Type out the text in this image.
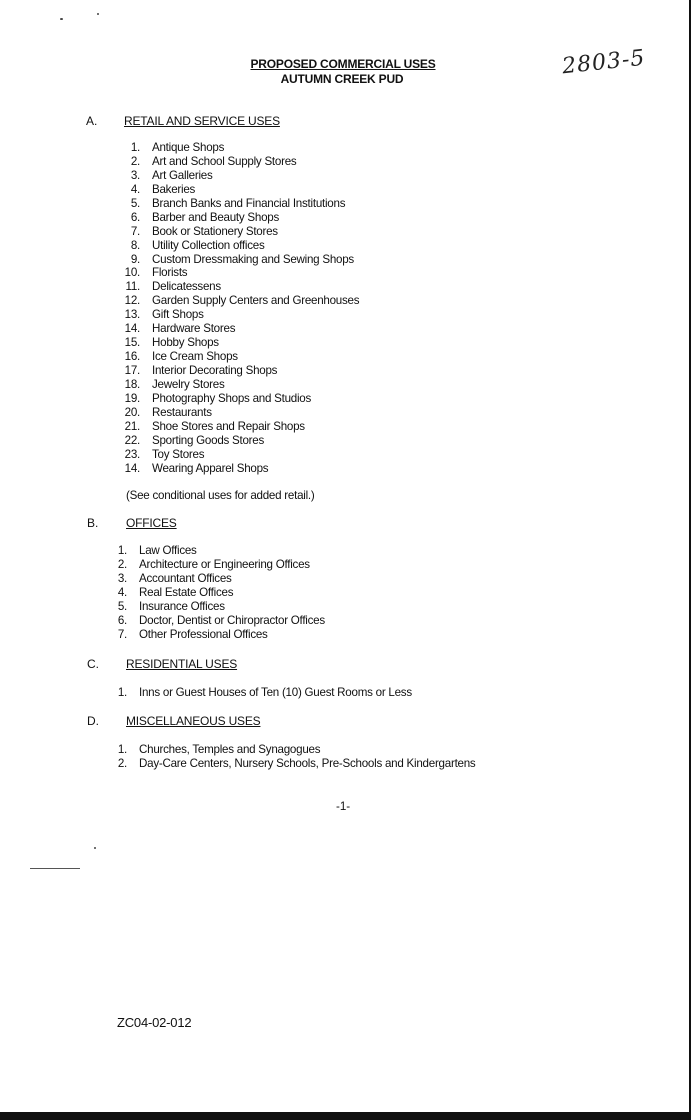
PROPOSED COMMERCIAL USES
AUTUMN CREEK PUD	2803-5
A. RETAIL AND SERVICE USES
1. Antique Shops
2. Art and School Supply Stores
3. Art Galleries
4. Bakeries
5. Branch Banks and Financial Institutions
6. Barber and Beauty Shops
7. Book or Stationery Stores
8. Utility Collection offices
9. Custom Dressmaking and Sewing Shops
10. Florists
11. Delicatessens
12. Garden Supply Centers and Greenhouses
13. Gift Shops
14. Hardware Stores
15. Hobby Shops
16. Ice Cream Shops
17. Interior Decorating Shops
18. Jewelry Stores
19. Photography Shops and Studios
20. Restaurants
21. Shoe Stores and Repair Shops
22. Sporting Goods Stores
23. Toy Stores
14. Wearing Apparel Shops
(See conditional uses for added retail.)
B. OFFICES
1. Law Offices
2. Architecture or Engineering Offices
3. Accountant Offices
4. Real Estate Offices
5. Insurance Offices
6. Doctor, Dentist or Chiropractor Offices
7. Other Professional Offices
C. RESIDENTIAL USES
1. Inns or Guest Houses of Ten (10) Guest Rooms or Less
D. MISCELLANEOUS USES
1. Churches, Temples and Synagogues
2. Day-Care Centers, Nursery Schools, Pre-Schools and Kindergartens
-1-
ZC04-02-012
